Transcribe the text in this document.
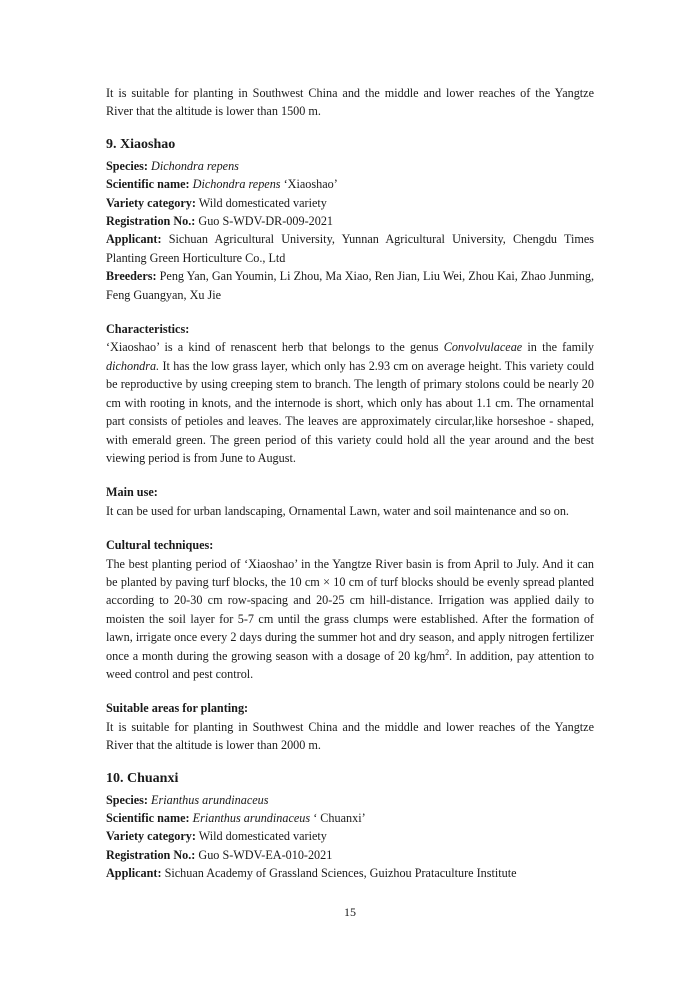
It is suitable for planting in Southwest China and the middle and lower reaches of the Yangtze River that the altitude is lower than 1500 m.

9. Xiaoshao

Species: Dichondra repens

Scientific name: Dichondra repens ‘Xiaoshao’

Variety category: Wild domesticated variety

Registration No.: Guo S-WDV-DR-009-2021

Applicant: Sichuan Agricultural University, Yunnan Agricultural University, Chengdu Times Planting Green Horticulture Co., Ltd

Breeders: Peng Yan, Gan Youmin, Li Zhou, Ma Xiao, Ren Jian, Liu Wei, Zhou Kai, Zhao Junming, Feng Guangyan, Xu Jie

Characteristics:

‘Xiaoshao’ is a kind of renascent herb that belongs to the genus Convolvulaceae in the family dichondra. It has the low grass layer, which only has 2.93 cm on average height. This variety could be reproductive by using creeping stem to branch. The length of primary stolons could be nearly 20 cm with rooting in knots, and the internode is short, which only has about 1.1 cm. The ornamental part consists of petioles and leaves. The leaves are approximately circular,like horseshoe - shaped, with emerald green. The green period of this variety could hold all the year around and the best viewing period is from June to August.

Main use:

It can be used for urban landscaping, Ornamental Lawn, water and soil maintenance and so on.

Cultural techniques:

The best planting period of ‘Xiaoshao’ in the Yangtze River basin is from April to July. And it can be planted by paving turf blocks, the 10 cm × 10 cm of turf blocks should be evenly spread planted according to 20-30 cm row-spacing and 20-25 cm hill-distance. Irrigation was applied daily to moisten the soil layer for 5-7 cm until the grass clumps were established. After the formation of lawn, irrigate once every 2 days during the summer hot and dry season, and apply nitrogen fertilizer once a month during the growing season with a dosage of 20 $kg/hm^2$. In addition, pay attention to weed control and pest control.

Suitable areas for planting:

It is suitable for planting in Southwest China and the middle and lower reaches of the Yangtze River that the altitude is lower than 2000 m.

10. Chuanxi

Species: Erianthus arundinaceus

Scientific name: Erianthus arundinaceus ‘ Chuanxi’

Variety category: Wild domesticated variety

Registration No.: Guo S-WDV-EA-010-2021

Applicant: Sichuan Academy of Grassland Sciences, Guizhou Prataculture Institute

15
